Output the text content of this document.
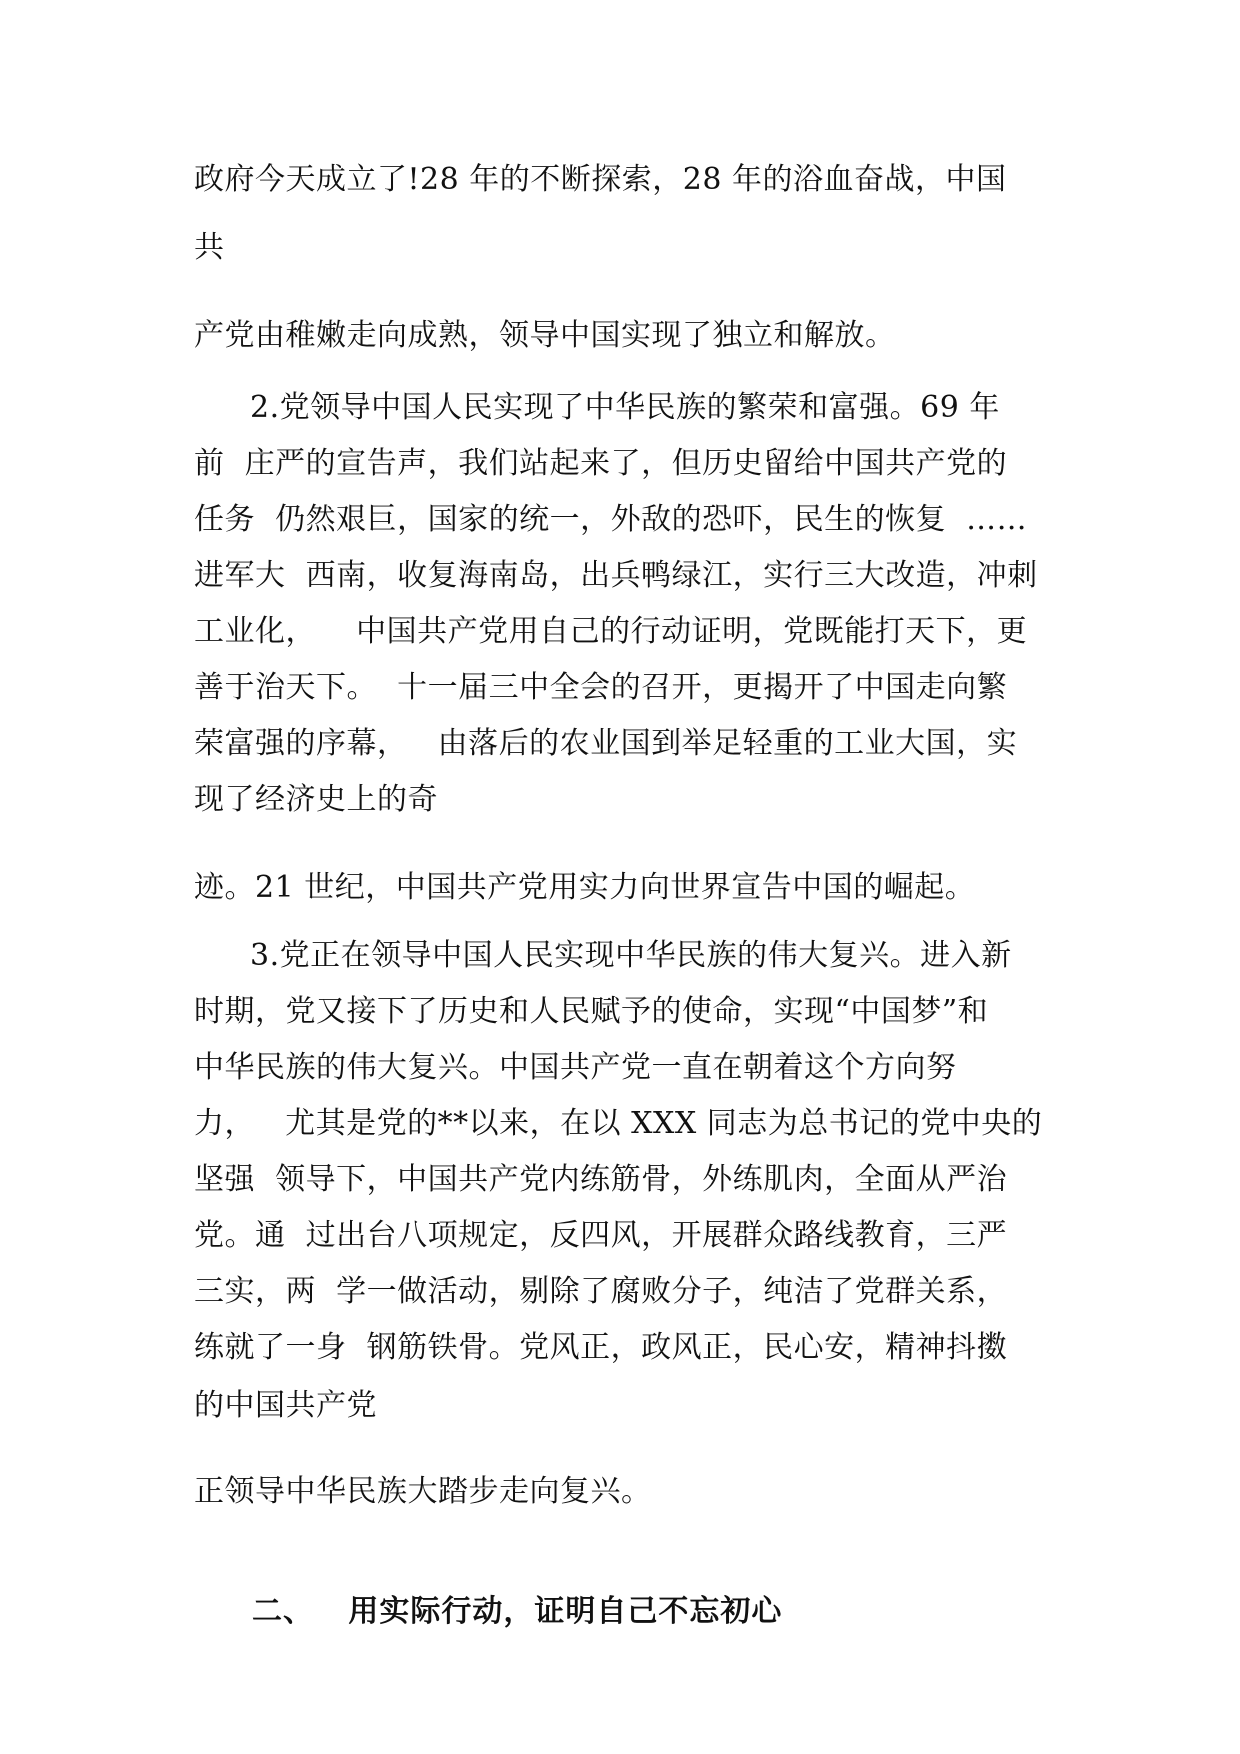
政府今天成立了!28 年的不断探索，28 年的浴血奋战，中国
共
产党由稚嫩走向成熟，领导中国实现了独立和解放。
2.党领导中国人民实现了中华民族的繁荣和富强。69 年
前  庄严的宣告声，我们站起来了，但历史留给中国共产党的
任务  仍然艰巨，国家的统一，外敌的恐吓，民生的恢复  ……
进军大  西南，收复海南岛，出兵鸭绿江，实行三大改造，冲刺
工业化，    中国共产党用自己的行动证明，党既能打天下，更
善于治天下。  十一届三中全会的召开，更揭开了中国走向繁
荣富强的序幕，   由落后的农业国到举足轻重的工业大国，实
现了经济史上的奇
迹。21 世纪，中国共产党用实力向世界宣告中国的崛起。
3.党正在领导中国人民实现中华民族的伟大复兴。进入新
时期，党又接下了历史和人民赋予的使命，实现“中国梦”和
中华民族的伟大复兴。中国共产党一直在朝着这个方向努
力，   尤其是党的**以来，在以 XXX 同志为总书记的党中央的
坚强  领导下，中国共产党内练筋骨，外练肌肉，全面从严治
党。通  过出台八项规定，反四风，开展群众路线教育，三严
三实，两  学一做活动，剔除了腐败分子，纯洁了党群关系，
练就了一身  钢筋铁骨。党风正，政风正，民心安，精神抖擞
的中国共产党
正领导中华民族大踏步走向复兴。
二、   用实际行动，证明自己不忘初心
